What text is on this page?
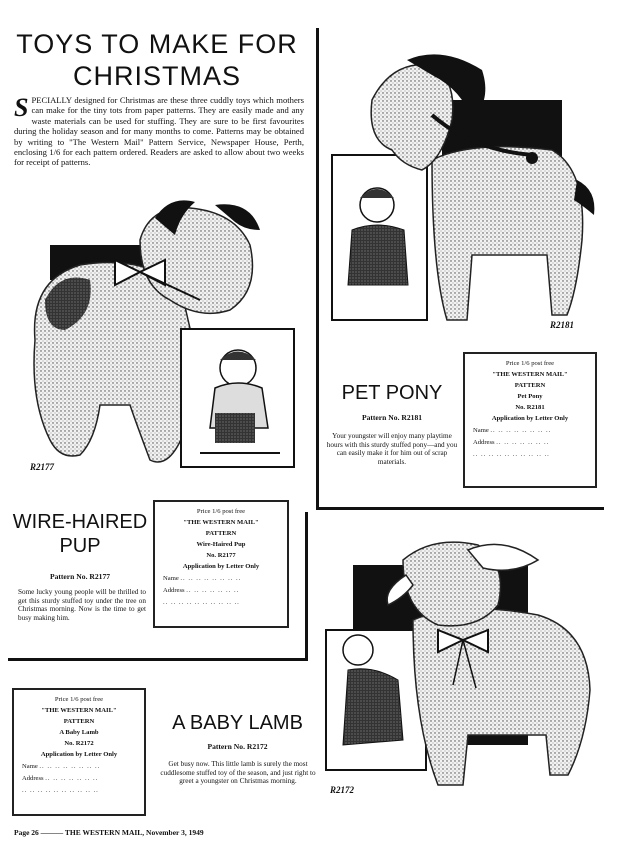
TOYS TO MAKE FOR
CHRISTMAS
SPECIALLY designed for Christmas are these three cuddly toys which mothers can make for the tiny tots from paper patterns. They are easily made and any waste materials can be used for stuffing. They are sure to be first favourites during the holiday season and for many months to come. Patterns may be obtained by writing to "The Western Mail" Pattern Service, Newspaper House, Perth, enclosing 1/6 for each pattern ordered. Readers are asked to allow about two weeks for receipt of patterns.
R2177
WIRE-HAIRED
PUP
Pattern No. R2177
Some lucky young people will be thrilled to get this sturdy stuffed toy under the tree on Christmas morning. Now is the time to get busy making him.
Price 1/6 post free
"THE WESTERN MAIL"
PATTERN
Wire-Haired Pup
No. R2177
Application by Letter Only
Name .. .. .. .. .. .. .. ..
Address .. .. .. .. .. .. ..
.. .. .. .. .. .. .. .. .. ..
R2181
PET PONY
Pattern No. R2181
Your youngster will enjoy many playtime hours with this sturdy stuffed pony—and you can easily make it for him out of scrap materials.
Price 1/6 post free
"THE WESTERN MAIL"
PATTERN
Pet Pony
No. R2181
Application by Letter Only
Name .. .. .. .. .. .. .. ..
Address .. .. .. .. .. .. ..
.. .. .. .. .. .. .. .. .. ..
R2172
Price 1/6 post free
"THE WESTERN MAIL"
PATTERN
A Baby Lamb
No. R2172
Application by Letter Only
Name .. .. .. .. .. .. .. ..
Address .. .. .. .. .. .. ..
.. .. .. .. .. .. .. .. .. ..
A BABY LAMB
Pattern No. R2172
Get busy now. This little lamb is surely the most cuddlesome stuffed toy of the season, and just right to greet a youngster on Christmas morning.
Page 26 ——— THE WESTERN MAIL, November 3, 1949
